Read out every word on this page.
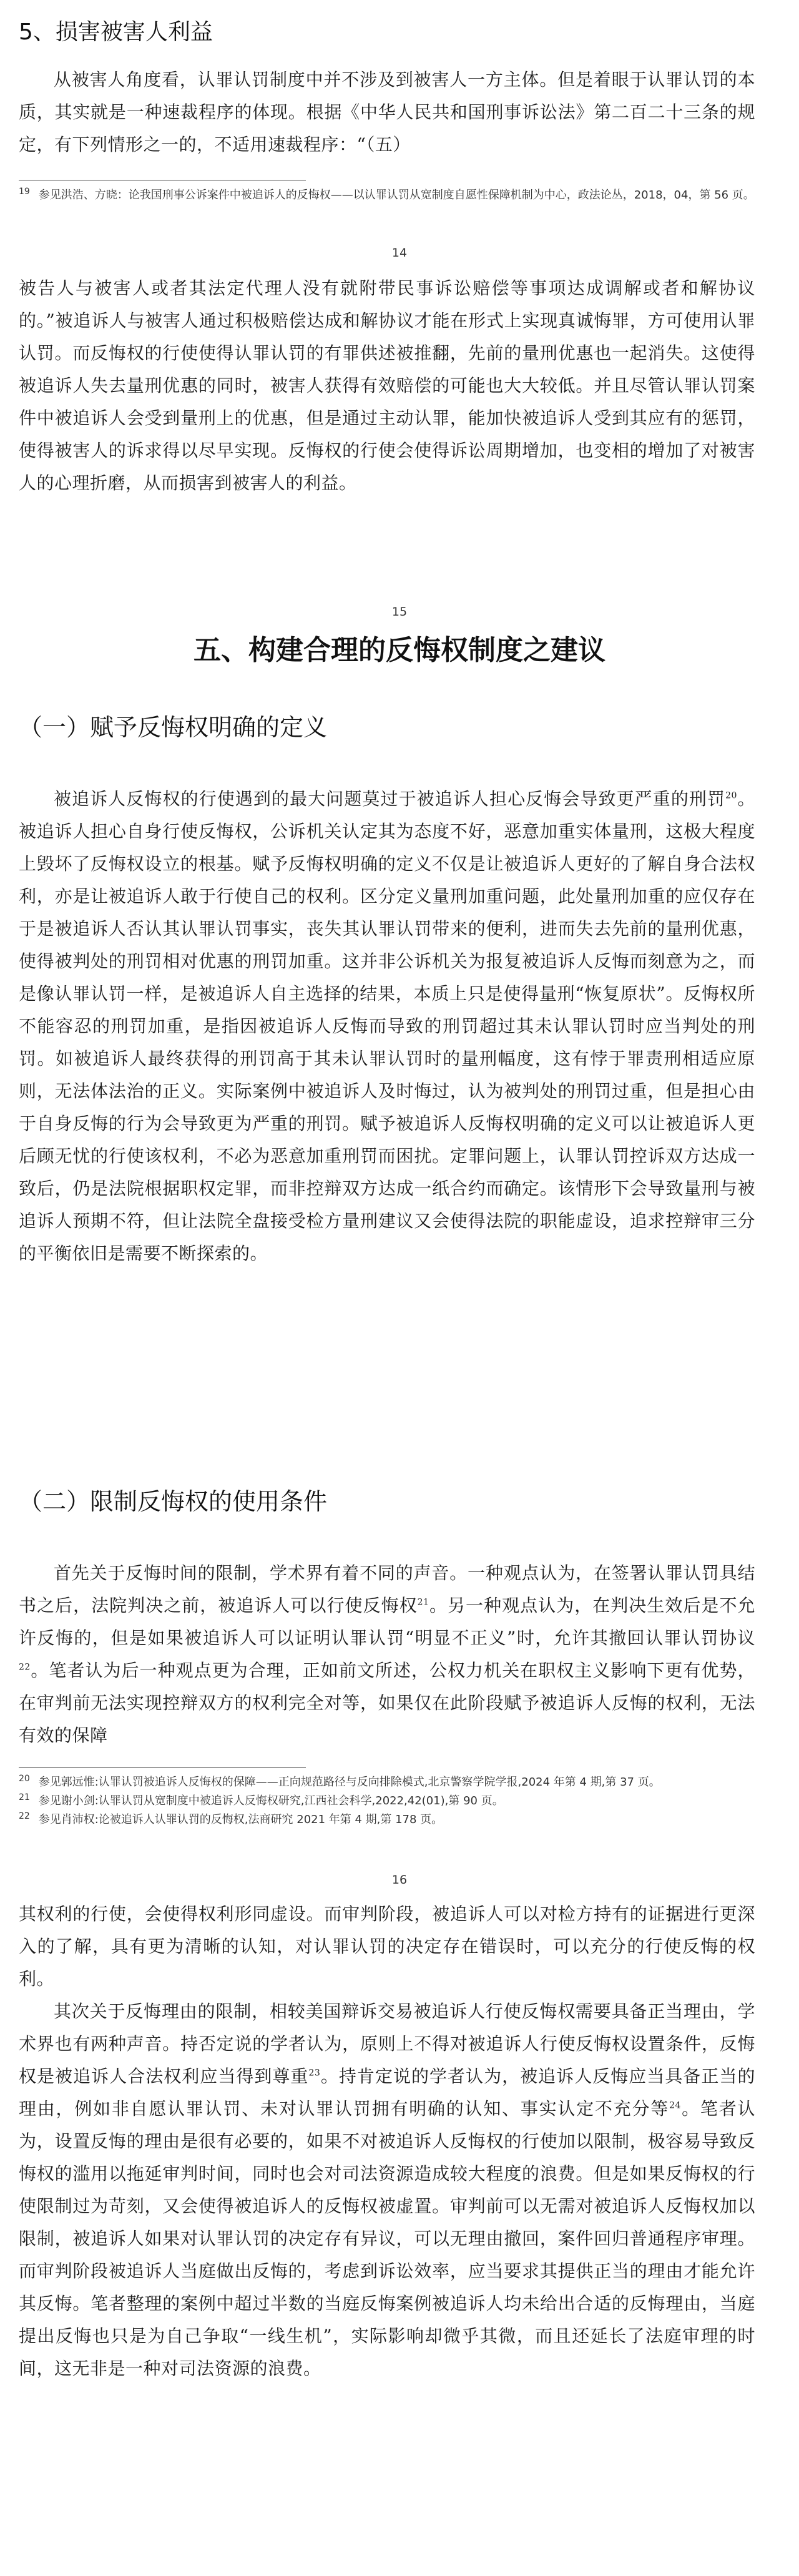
5、损害被害人利益
从被害人角度看，认罪认罚制度中并不涉及到被害人一方主体。但是着眼于认罪认罚的本质，其实就是一种速裁程序的体现。根据《中华人民共和国刑事诉讼法》第二百二十三条的规定，有下列情形之一的，不适用速裁程序：“（五）
19 参见洪浩、方晓：论我国刑事公诉案件中被追诉人的反悔权——以认罪认罚从宽制度自愿性保障机制为中心，政法论丛，2018，04，第 56 页。
14
被告人与被害人或者其法定代理人没有就附带民事诉讼赔偿等事项达成调解或者和解协议的。”被追诉人与被害人通过积极赔偿达成和解协议才能在形式上实现真诚悔罪，方可使用认罪认罚。而反悔权的行使使得认罪认罚的有罪供述被推翻，先前的量刑优惠也一起消失。这使得被追诉人失去量刑优惠的同时，被害人获得有效赔偿的可能也大大较低。并且尽管认罪认罚案件中被追诉人会受到量刑上的优惠，但是通过主动认罪，能加快被追诉人受到其应有的惩罚，使得被害人的诉求得以尽早实现。反悔权的行使会使得诉讼周期增加，也变相的增加了对被害人的心理折磨，从而损害到被害人的利益。
15
五、构建合理的反悔权制度之建议
（一）赋予反悔权明确的定义
被追诉人反悔权的行使遇到的最大问题莫过于被追诉人担心反悔会导致更严重的刑罚$^{20}$。被追诉人担心自身行使反悔权，公诉机关认定其为态度不好，恶意加重实体量刑，这极大程度上毁坏了反悔权设立的根基。赋予反悔权明确的定义不仅是让被追诉人更好的了解自身合法权利，亦是让被追诉人敢于行使自己的权利。区分定义量刑加重问题，此处量刑加重的应仅存在于是被追诉人否认其认罪认罚事实，丧失其认罪认罚带来的便利，进而失去先前的量刑优惠，使得被判处的刑罚相对优惠的刑罚加重。这并非公诉机关为报复被追诉人反悔而刻意为之，而是像认罪认罚一样，是被追诉人自主选择的结果，本质上只是使得量刑“恢复原状”。反悔权所不能容忍的刑罚加重，是指因被追诉人反悔而导致的刑罚超过其未认罪认罚时应当判处的刑罚。如被追诉人最终获得的刑罚高于其未认罪认罚时的量刑幅度，这有悖于罪责刑相适应原则，无法体法治的正义。实际案例中被追诉人及时悔过，认为被判处的刑罚过重，但是担心由于自身反悔的行为会导致更为严重的刑罚。赋予被追诉人反悔权明确的定义可以让被追诉人更后顾无忧的行使该权利，不必为恶意加重刑罚而困扰。定罪问题上，认罪认罚控诉双方达成一致后，仍是法院根据职权定罪，而非控辩双方达成一纸合约而确定。该情形下会导致量刑与被追诉人预期不符，但让法院全盘接受检方量刑建议又会使得法院的职能虚设，追求控辩审三分的平衡依旧是需要不断探索的。
（二）限制反悔权的使用条件
首先关于反悔时间的限制，学术界有着不同的声音。一种观点认为，在签署认罪认罚具结书之后，法院判决之前，被追诉人可以行使反悔权$^{21}$。另一种观点认为，在判决生效后是不允许反悔的，但是如果被追诉人可以证明认罪认罚“明显不正义”时，允许其撤回认罪认罚协议$^{22}$。笔者认为后一种观点更为合理，正如前文所述，公权力机关在职权主义影响下更有优势，在审判前无法实现控辩双方的权利完全对等，如果仅在此阶段赋予被追诉人反悔的权利，无法有效的保障
20 参见郭远惟:认罪认罚被追诉人反悔权的保障——正向规范路径与反向排除模式,北京警察学院学报,2024 年第 4 期,第 37 页。
21 参见谢小剑:认罪认罚从宽制度中被追诉人反悔权研究,江西社会科学,2022,42(01),第 90 页。
22 参见肖沛权:论被追诉人认罪认罚的反悔权,法商研究 2021 年第 4 期,第 178 页。
16
其权利的行使，会使得权利形同虚设。而审判阶段，被追诉人可以对检方持有的证据进行更深入的了解，具有更为清晰的认知，对认罪认罚的决定存在错误时，可以充分的行使反悔的权利。
其次关于反悔理由的限制，相较美国辩诉交易被追诉人行使反悔权需要具备正当理由，学术界也有两种声音。持否定说的学者认为，原则上不得对被追诉人行使反悔权设置条件，反悔权是被追诉人合法权利应当得到尊重$^{23}$。持肯定说的学者认为，被追诉人反悔应当具备正当的理由，例如非自愿认罪认罚、未对认罪认罚拥有明确的认知、事实认定不充分等$^{24}$。笔者认为，设置反悔的理由是很有必要的，如果不对被追诉人反悔权的行使加以限制，极容易导致反悔权的滥用以拖延审判时间，同时也会对司法资源造成较大程度的浪费。但是如果反悔权的行使限制过为苛刻，又会使得被追诉人的反悔权被虚置。审判前可以无需对被追诉人反悔权加以限制，被追诉人如果对认罪认罚的决定存有异议，可以无理由撤回，案件回归普通程序审理。而审判阶段被追诉人当庭做出反悔的，考虑到诉讼效率，应当要求其提供正当的理由才能允许其反悔。笔者整理的案例中超过半数的当庭反悔案例被追诉人均未给出合适的反悔理由，当庭提出反悔也只是为自己争取“一线生机”，实际影响却微乎其微，而且还延长了法庭审理的时间，这无非是一种对司法资源的浪费。
